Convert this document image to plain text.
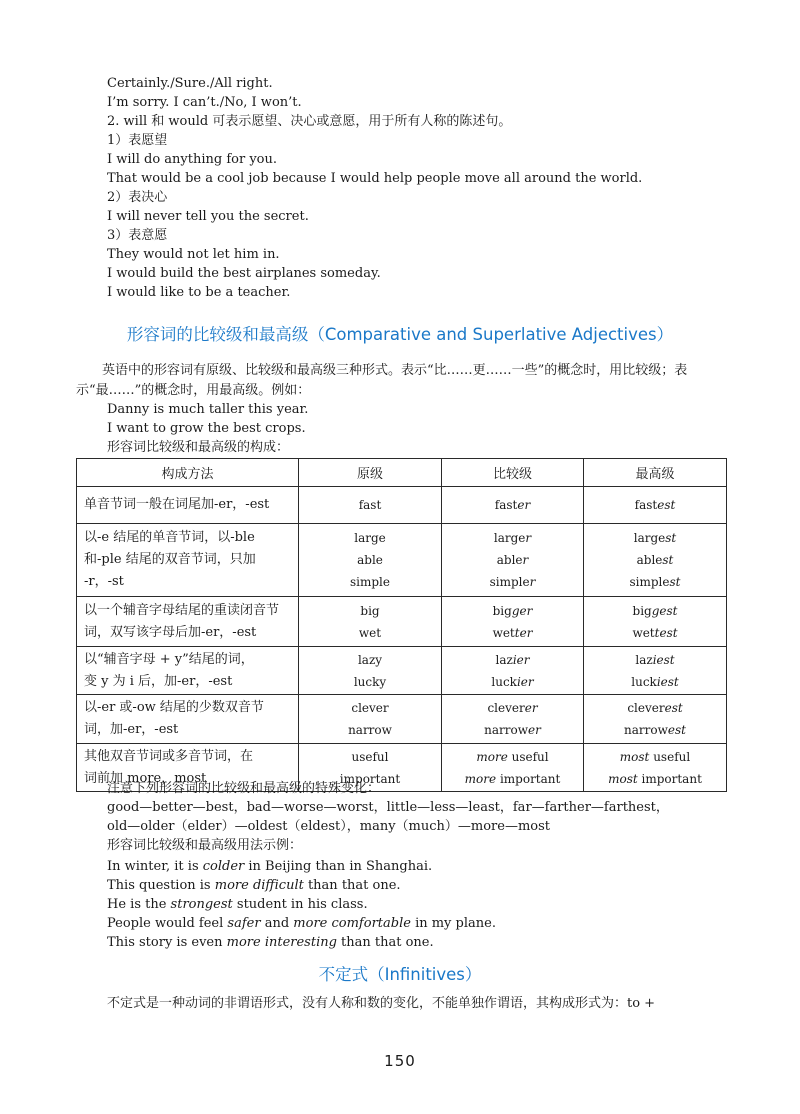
Certainly./Sure./All right.
I’m sorry. I can’t./No, I won’t.
2. will 和 would 可表示愿望、决心或意愿，用于所有人称的陈述句。
1）表愿望
I will do anything for you.
That would be a cool job because I would help people move all around the world.
2）表决心
I will never tell you the secret.
3）表意愿
They would not let him in.
I would build the best airplanes someday.
I would like to be a teacher.
形容词的比较级和最高级（Comparative and Superlative Adjectives）
英语中的形容词有原级、比较级和最高级三种形式。表示“比……更……一些”的概念时，用比较级；表示“最……”的概念时，用最高级。例如：
Danny is much taller this year.
I want to grow the best crops.
形容词比较级和最高级的构成：
构成方法	原级	比较级	最高级

单音节词一般在词尾加-er，-est	fast	faster	fastest

以-e 结尾的单音节词，以-ble
和-ple 结尾的双音节词，只加
-r，-st	large
able
simple	larger
abler
simpler	largest
ablest
simplest

以一个辅音字母结尾的重读闭音节
词，双写该字母后加-er，-est	big
wet	bigger
wetter	biggest
wettest

以“辅音字母 + y”结尾的词，
变 y 为 i 后，加-er，-est	lazy
lucky	lazier
luckier	laziest
luckiest

以-er 或-ow 结尾的少数双音节
词，加-er，-est	clever
narrow	cleverer
narrower	cleverest
narrowest

其他双音节词或多音节词，在
词前加 more，most	useful
important	more useful
more important	most useful
most important
注意下列形容词的比较级和最高级的特殊变化：
good—better—best，bad—worse—worst，little—less—least，far—farther—farthest，
old—older（elder）—oldest（eldest），many（much）—more—most
形容词比较级和最高级用法示例：
In winter, it is colder in Beijing than in Shanghai.
This question is more difficult than that one.
He is the strongest student in his class.
People would feel safer and more comfortable in my plane.
This story is even more interesting than that one.
不定式（Infinitives）
不定式是一种动词的非谓语形式，没有人称和数的变化，不能单独作谓语，其构成形式为：to +
150
